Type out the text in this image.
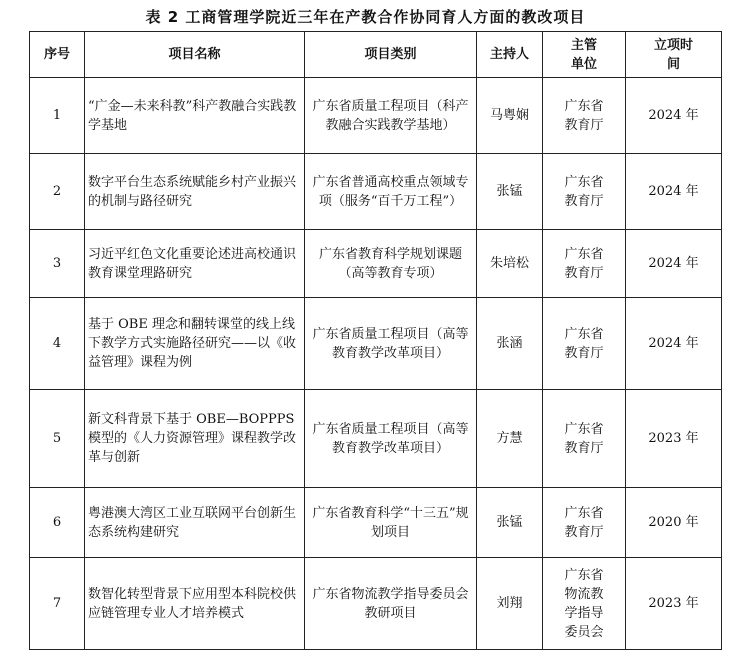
表 2 工商管理学院近三年在产教合作协同育人方面的教改项目
序号	项目名称	项目类别	主持人	主管单位	立项时间
1	“广金—未来科教”科产教融合实践教学基地	广东省质量工程项目（科产教融合实践教学基地）	马粤娴	广东省教育厅	2024 年
2	数字平台生态系统赋能乡村产业振兴的机制与路径研究	广东省普通高校重点领域专项（服务“百千万工程”）	张锰	广东省教育厅	2024 年
3	习近平红色文化重要论述进高校通识教育课堂理路研究	广东省教育科学规划课题（高等教育专项）	朱培松	广东省教育厅	2024 年
4	基于 OBE 理念和翻转课堂的线上线下教学方式实施路径研究——以《收益管理》课程为例	广东省质量工程项目（高等教育教学改革项目）	张涵	广东省教育厅	2024 年
5	新文科背景下基于 OBE—BOPPPS 模型的《人力资源管理》课程教学改革与创新	广东省质量工程项目（高等教育教学改革项目）	方慧	广东省教育厅	2023 年
6	粤港澳大湾区工业互联网平台创新生态系统构建研究	广东省教育科学“十三五”规划项目	张锰	广东省教育厅	2020 年
7	数智化转型背景下应用型本科院校供应链管理专业人才培养模式	广东省物流教学指导委员会教研项目	刘翔	广东省物流教学指导委员会	2023 年
